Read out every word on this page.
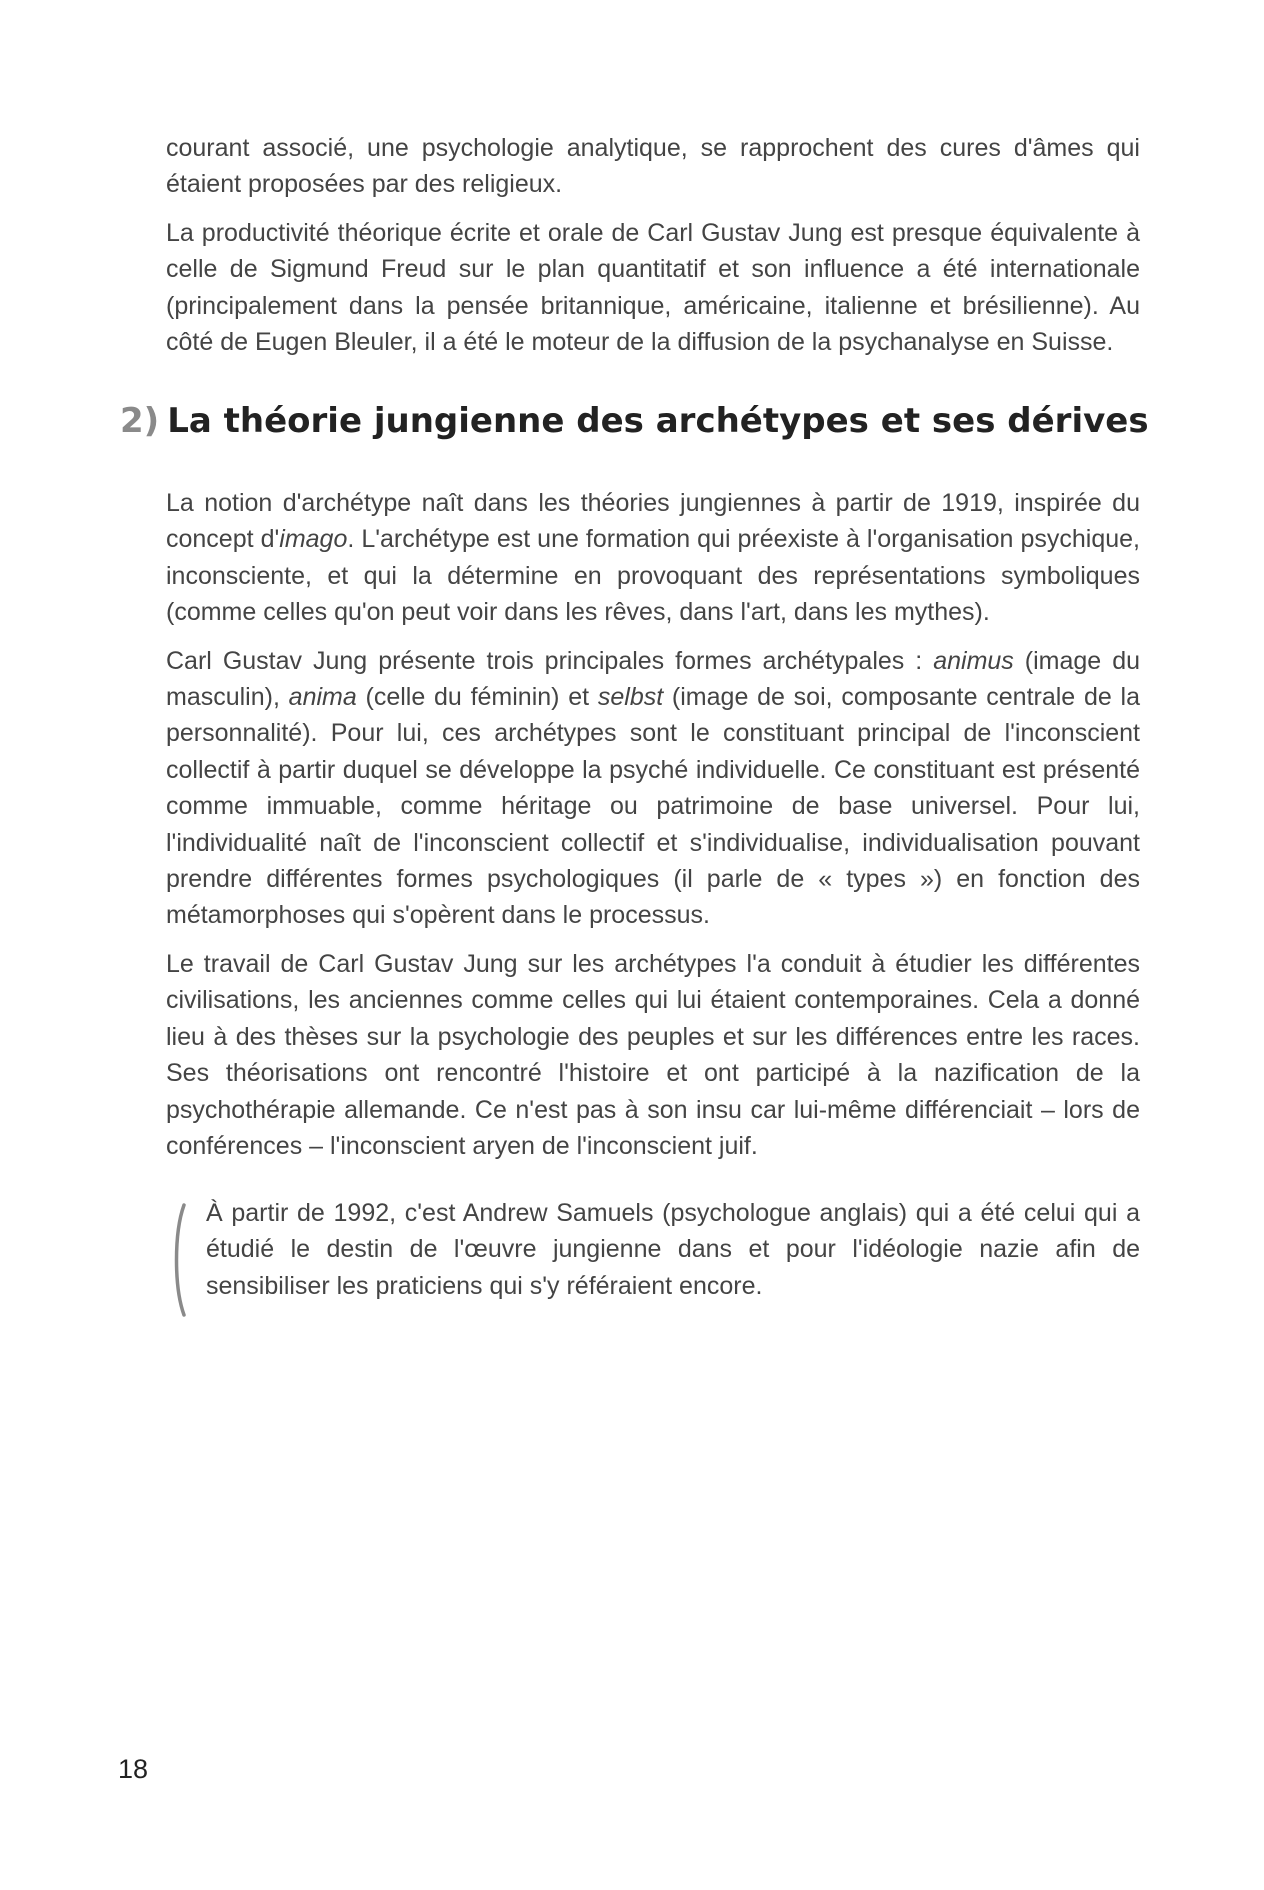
courant associé, une psychologie analytique, se rapprochent des cures d'âmes qui étaient proposées par des religieux.

La productivité théorique écrite et orale de Carl Gustav Jung est presque équivalente à celle de Sigmund Freud sur le plan quantitatif et son influence a été internationale (principalement dans la pensée britannique, américaine, italienne et brésilienne). Au côté de Eugen Bleuler, il a été le moteur de la diffusion de la psychanalyse en Suisse.

2) La théorie jungienne des archétypes et ses dérives

La notion d'archétype naît dans les théories jungiennes à partir de 1919, inspirée du concept d'imago. L'archétype est une formation qui préexiste à l'organisation psychique, inconsciente, et qui la détermine en provoquant des représentations symboliques (comme celles qu'on peut voir dans les rêves, dans l'art, dans les mythes).

Carl Gustav Jung présente trois principales formes archétypales : animus (image du masculin), anima (celle du féminin) et selbst (image de soi, composante centrale de la personnalité). Pour lui, ces archétypes sont le constituant principal de l'inconscient collectif à partir duquel se développe la psyché individuelle. Ce constituant est présenté comme immuable, comme héritage ou patrimoine de base universel. Pour lui, l'individualité naît de l'inconscient collectif et s'individualise, individualisation pouvant prendre différentes formes psychologiques (il parle de « types ») en fonction des métamorphoses qui s'opèrent dans le processus.

Le travail de Carl Gustav Jung sur les archétypes l'a conduit à étudier les différentes civilisations, les anciennes comme celles qui lui étaient contemporaines. Cela a donné lieu à des thèses sur la psychologie des peuples et sur les différences entre les races. Ses théorisations ont rencontré l'histoire et ont participé à la nazification de la psychothérapie allemande. Ce n'est pas à son insu car lui-même différenciait – lors de conférences – l'inconscient aryen de l'inconscient juif.

À partir de 1992, c'est Andrew Samuels (psychologue anglais) qui a été celui qui a étudié le destin de l'œuvre jungienne dans et pour l'idéologie nazie afin de sensibiliser les praticiens qui s'y référaient encore.

18
